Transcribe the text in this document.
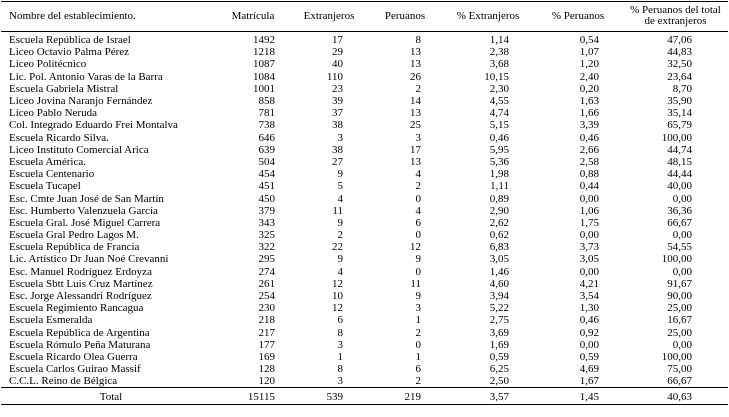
Nombre del establecimiento.	Matrícula	Extranjeros	Peruanos	% Extranjeros	% Peruanos	% Peruanos del total de extranjeros
Escuela República de Israel	1492	17	8	1,14	0,54	47,06
Liceo Octavio Palma Pérez	1218	29	13	2,38	1,07	44,83
Liceo Politécnico	1087	40	13	3,68	1,20	32,50
Lic. Pol. Antonio Varas de la Barra	1084	110	26	10,15	2,40	23,64
Escuela Gabriela Mistral	1001	23	2	2,30	0,20	8,70
Liceo Jovina Naranjo Fernández	858	39	14	4,55	1,63	35,90
Liceo Pablo Neruda	781	37	13	4,74	1,66	35,14
Col. Integrado Eduardo Frei Montalva	738	38	25	5,15	3,39	65,79
Escuela Ricardo Silva.	646	3	3	0,46	0,46	100,00
Liceo Instituto Comercial Arica	639	38	17	5,95	2,66	44,74
Escuela América.	504	27	13	5,36	2,58	48,15
Escuela Centenario	454	9	4	1,98	0,88	44,44
Escuela Tucapel	451	5	2	1,11	0,44	40,00
Esc. Cmte Juan José de San Martín	450	4	0	0,89	0,00	0,00
Esc. Humberto Valenzuela García	379	11	4	2,90	1,06	36,36
Escuela Gral. José Miguel Carrera	343	9	6	2,62	1,75	66,67
Escuela Gral Pedro Lagos M.	325	2	0	0,62	0,00	0,00
Escuela República de Francia	322	22	12	6,83	3,73	54,55
Lic. Artístico Dr Juan Noé Crevanni	295	9	9	3,05	3,05	100,00
Esc. Manuel Rodríguez Erdoyza	274	4	0	1,46	0,00	0,00
Escuela Sbtt Luis Cruz Martínez	261	12	11	4,60	4,21	91,67
Esc. Jorge Alessandri Rodríguez	254	10	9	3,94	3,54	90,00
Escuela Regimiento Rancagua	230	12	3	5,22	1,30	25,00
Escuela Esmeralda	218	6	1	2,75	0,46	16,67
Escuela República de Argentina	217	8	2	3,69	0,92	25,00
Escuela Rómulo Peña Maturana	177	3	0	1,69	0,00	0,00
Escuela Ricardo Olea Guerra	169	1	1	0,59	0,59	100,00
Escuela Carlos Guirao Massif	128	8	6	6,25	4,69	75,00
C.C.L. Reino de Bélgica	120	3	2	2,50	1,67	66,67
Total	15115	539	219	3,57	1,45	40,63
